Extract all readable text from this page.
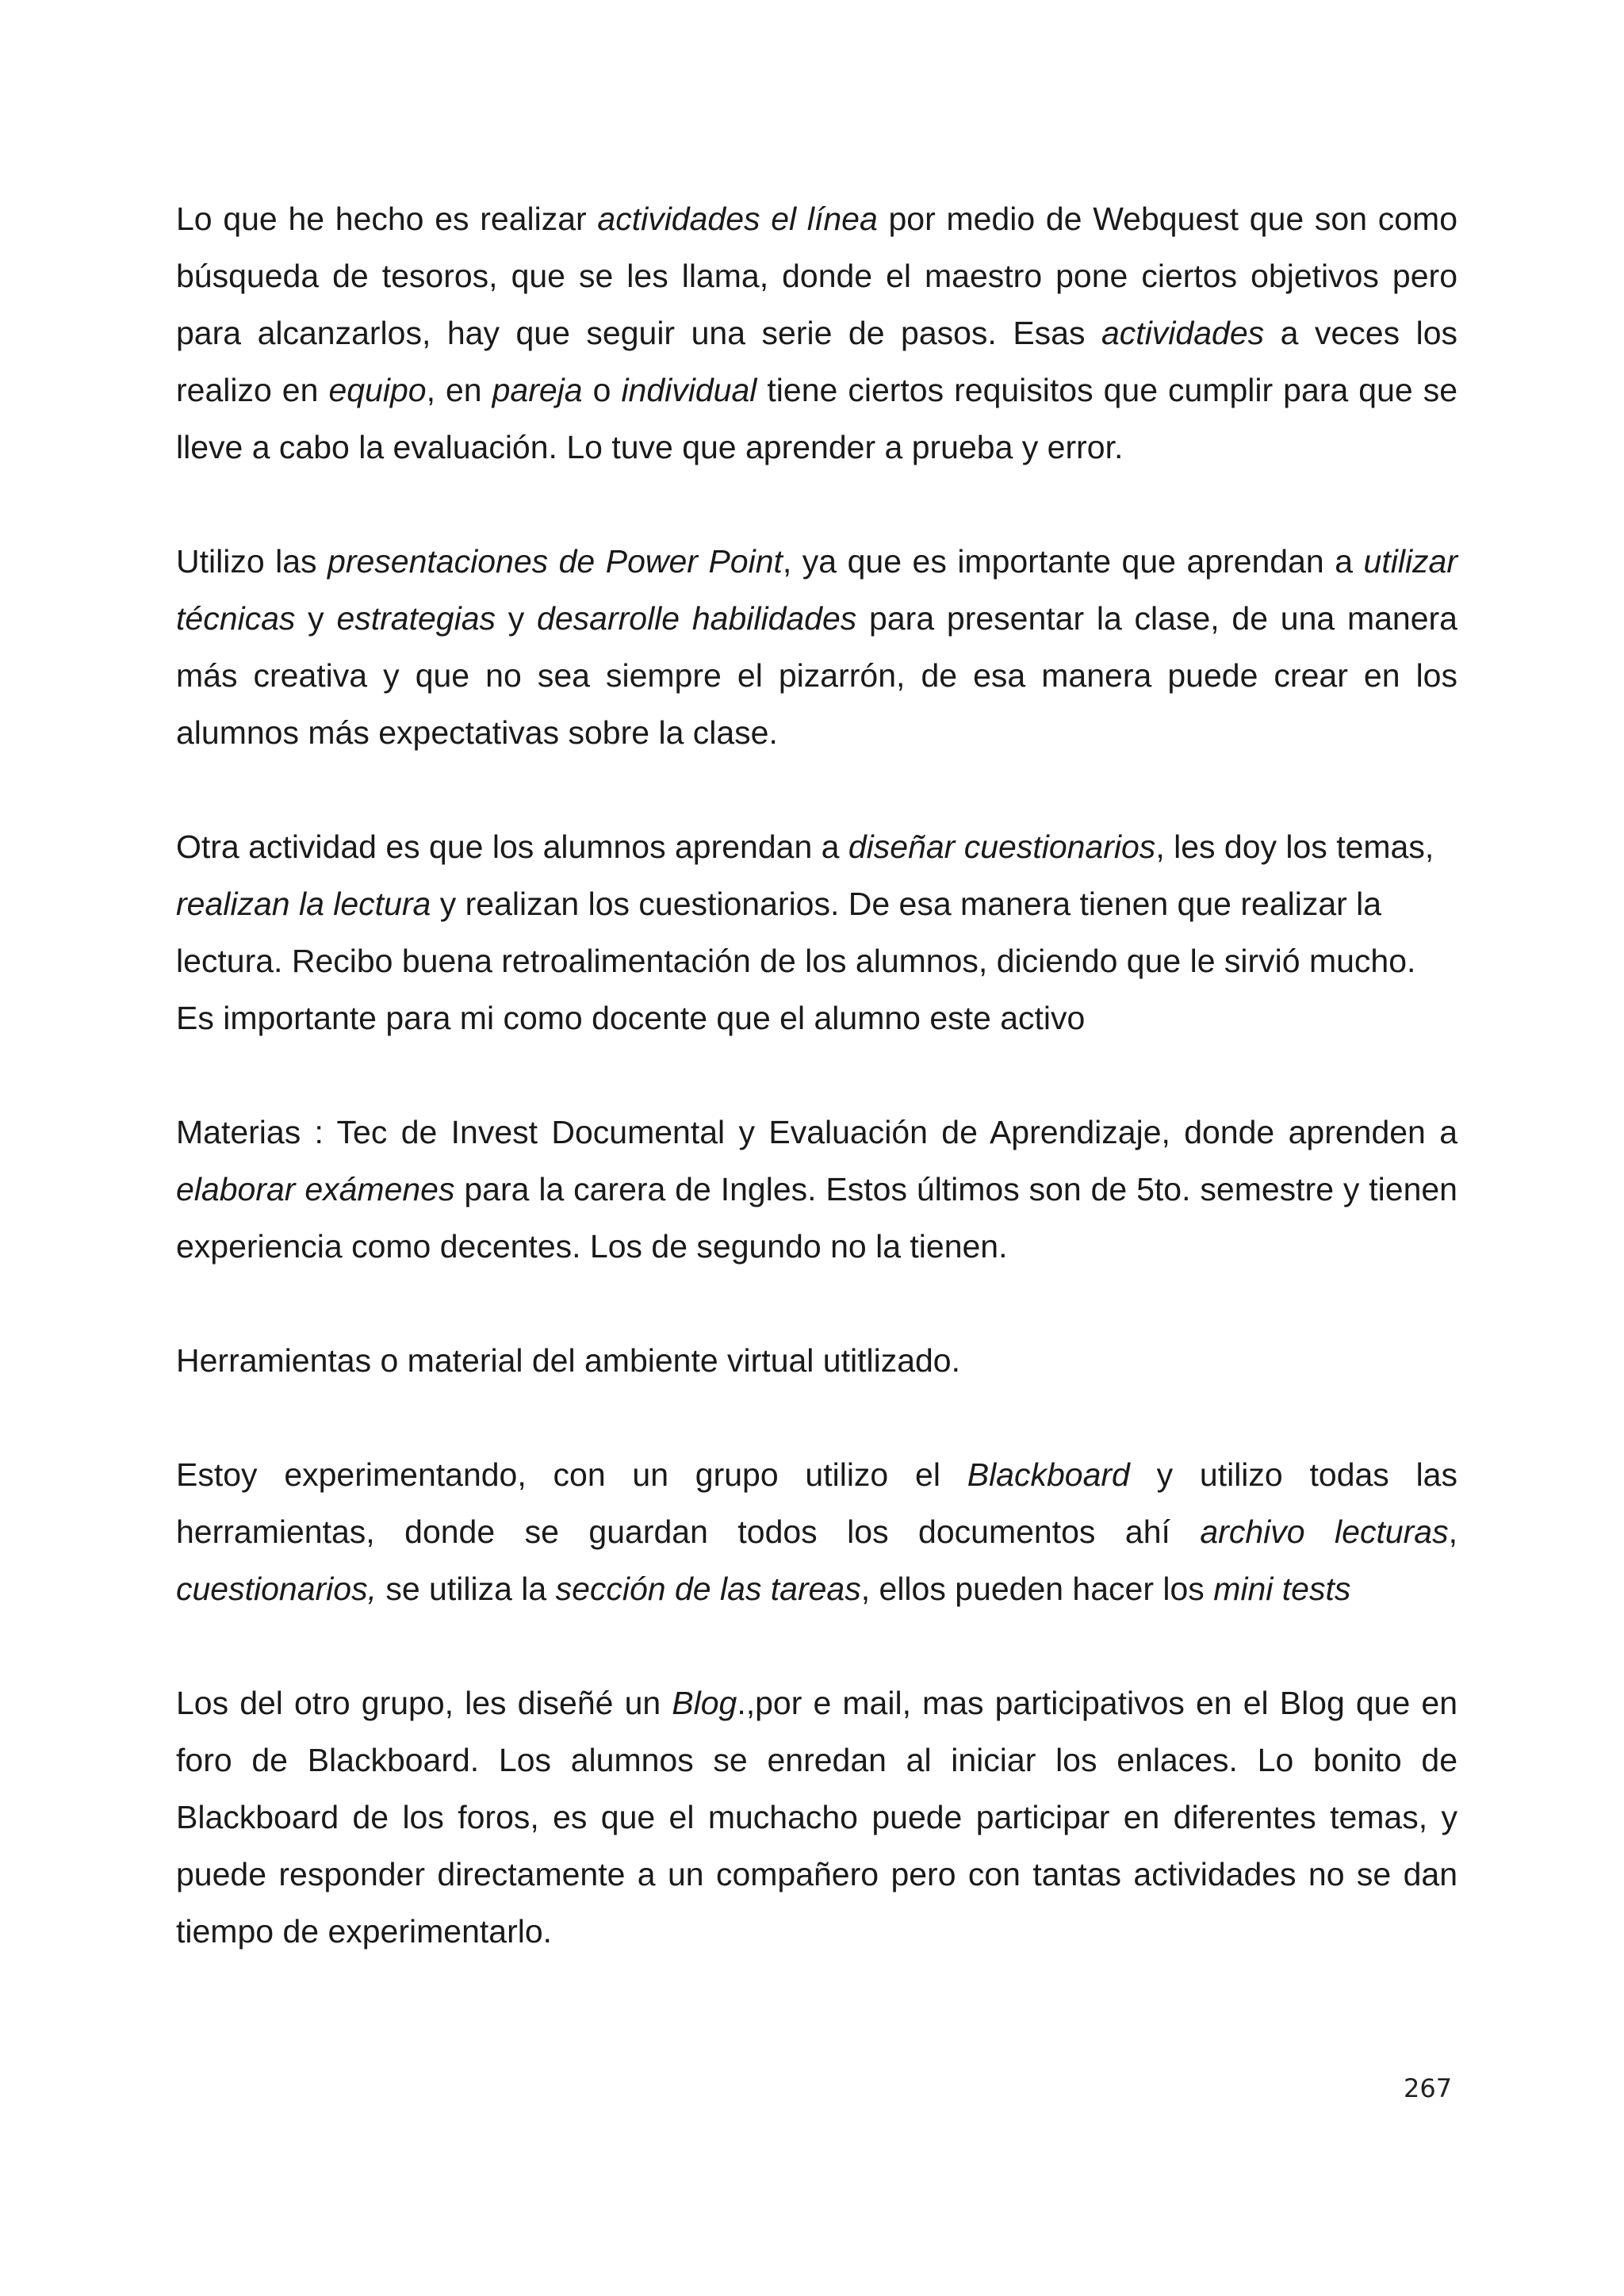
Lo que he hecho es realizar actividades el línea por medio de Webquest que son como búsqueda de tesoros, que se les llama, donde el maestro pone ciertos objetivos pero para alcanzarlos, hay que seguir una serie de pasos. Esas actividades a veces los realizo en equipo, en pareja o individual tiene ciertos requisitos que cumplir para que se lleve a cabo la evaluación. Lo tuve que aprender a prueba y error.

Utilizo las presentaciones de Power Point, ya que es importante que aprendan a utilizar técnicas y estrategias y desarrolle habilidades para presentar la clase, de una manera más creativa y que no sea siempre el pizarrón, de esa manera puede crear en los alumnos más expectativas sobre la clase.

Otra actividad es que los alumnos aprendan a diseñar cuestionarios, les doy los temas, realizan la lectura y realizan los cuestionarios. De esa manera tienen que realizar la lectura. Recibo buena retroalimentación de los alumnos, diciendo que le sirvió mucho. Es importante para mi como docente que el alumno este activo

Materias : Tec de Invest Documental y Evaluación de Aprendizaje, donde aprenden a elaborar exámenes para la carera de Ingles. Estos últimos son de 5to. semestre y tienen experiencia como decentes. Los de segundo no la tienen.

Herramientas o material del ambiente virtual utitlizado.

Estoy experimentando, con un grupo utilizo el Blackboard y utilizo todas las herramientas, donde se guardan todos los documentos ahí archivo lecturas, cuestionarios, se utiliza la sección de las tareas, ellos pueden hacer los mini tests

Los del otro grupo, les diseñé un Blog.,por e mail, mas participativos en el Blog que en foro de Blackboard. Los alumnos se enredan al iniciar los enlaces. Lo bonito de Blackboard de los foros, es que el muchacho puede participar en diferentes temas, y puede responder directamente a un compañero pero con tantas actividades no se dan tiempo de experimentarlo.

267
